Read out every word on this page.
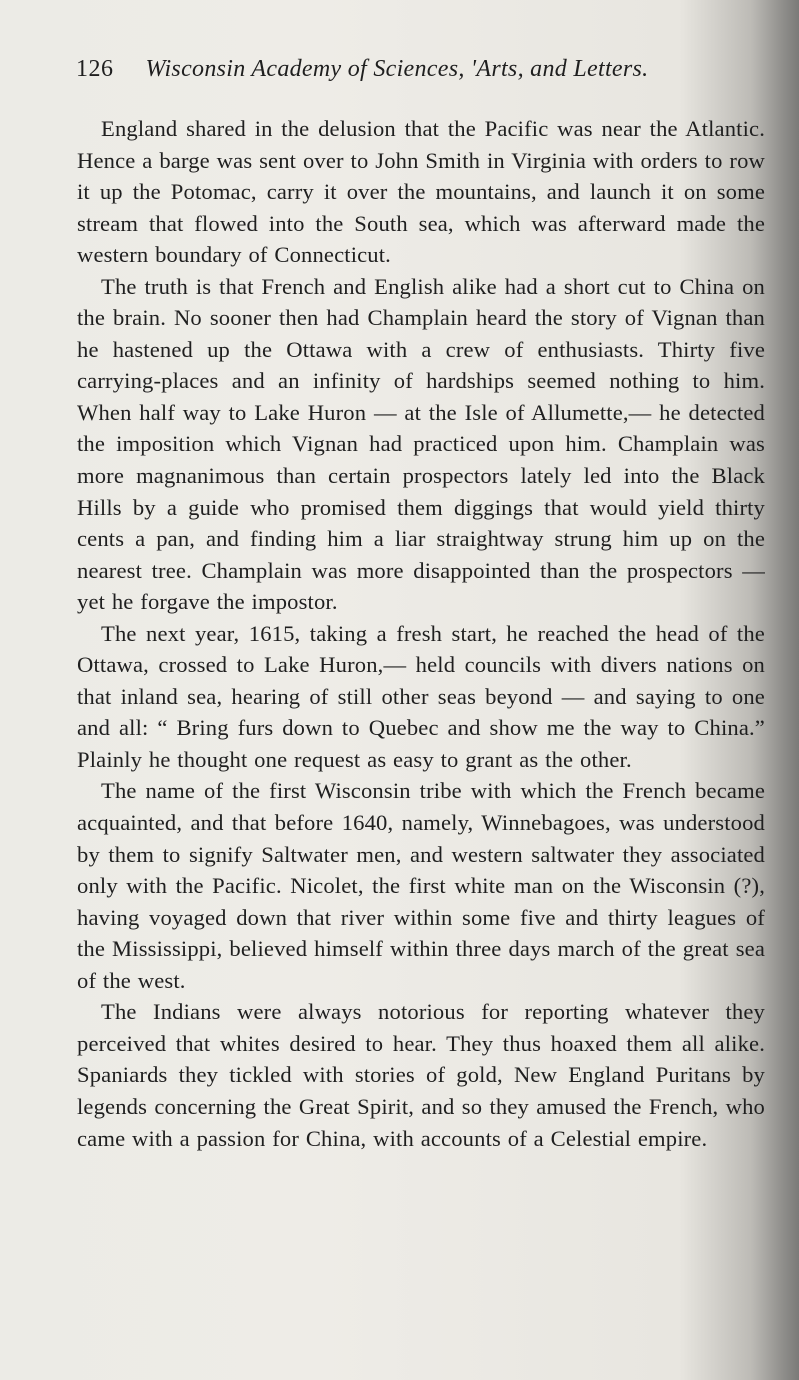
126 Wisconsin Academy of Sciences, 'Arts, and Letters.

England shared in the delusion that the Pacific was near the Atlantic. Hence a barge was sent over to John Smith in Virginia with orders to row it up the Potomac, carry it over the mountains, and launch it on some stream that flowed into the South sea, which was afterward made the western boundary of Connecticut.

The truth is that French and English alike had a short cut to China on the brain. No sooner then had Champlain heard the story of Vignan than he hastened up the Ottawa with a crew of enthusiasts. Thirty five carrying-places and an infinity of hardships seemed nothing to him. When half way to Lake Huron — at the Isle of Allumette,— he detected the imposition which Vignan had practiced upon him. Champlain was more magnanimous than certain prospectors lately led into the Black Hills by a guide who promised them diggings that would yield thirty cents a pan, and finding him a liar straightway strung him up on the nearest tree. Champlain was more disappointed than the prospectors — yet he forgave the impostor.

The next year, 1615, taking a fresh start, he reached the head of the Ottawa, crossed to Lake Huron,— held councils with divers nations on that inland sea, hearing of still other seas beyond — and saying to one and all: “ Bring furs down to Quebec and show me the way to China.” Plainly he thought one request as easy to grant as the other.

The name of the first Wisconsin tribe with which the French became acquainted, and that before 1640, namely, Winnebagoes, was understood by them to signify Saltwater men, and western saltwater they associated only with the Pacific. Nicolet, the first white man on the Wisconsin (?), having voyaged down that river within some five and thirty leagues of the Mississippi, believed himself within three days march of the great sea of the west.

The Indians were always notorious for reporting whatever they perceived that whites desired to hear. They thus hoaxed them all alike. Spaniards they tickled with stories of gold, New England Puritans by legends concerning the Great Spirit, and so they amused the French, who came with a passion for China, with accounts of a Celestial empire.
